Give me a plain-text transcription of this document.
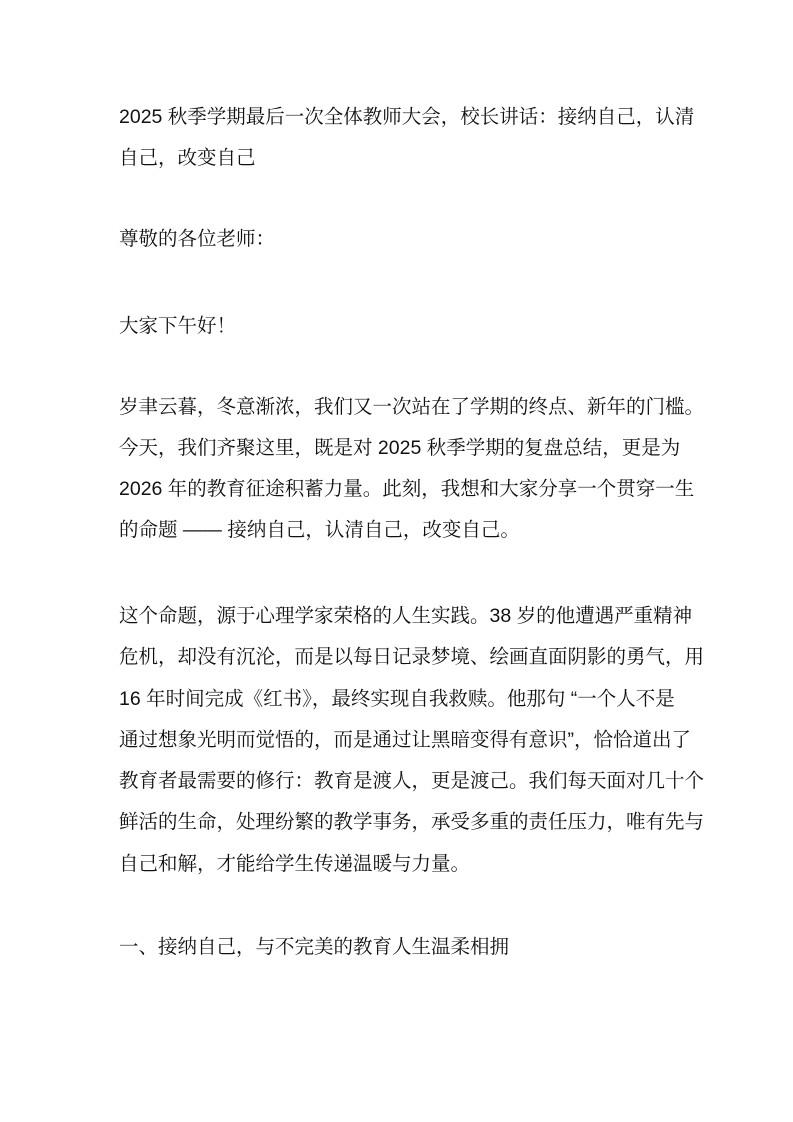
2025 秋季学期最后一次全体教师大会，校长讲话：接纳自己，认清
自己，改变自己
尊敬的各位老师：
大家下午好！
岁聿云暮，冬意渐浓，我们又一次站在了学期的终点、新年的门槛。
今天，我们齐聚这里，既是对 2025 秋季学期的复盘总结，更是为
2026 年的教育征途积蓄力量。此刻，我想和大家分享一个贯穿一生
的命题 —— 接纳自己，认清自己，改变自己。
这个命题，源于心理学家荣格的人生实践。38 岁的他遭遇严重精神
危机，却没有沉沦，而是以每日记录梦境、绘画直面阴影的勇气，用
16 年时间完成《红书》，最终实现自我救赎。他那句 “一个人不是
通过想象光明而觉悟的，而是通过让黑暗变得有意识”，恰恰道出了
教育者最需要的修行：教育是渡人，更是渡己。我们每天面对几十个
鲜活的生命，处理纷繁的教学事务，承受多重的责任压力，唯有先与
自己和解，才能给学生传递温暖与力量。
一、接纳自己，与不完美的教育人生温柔相拥
